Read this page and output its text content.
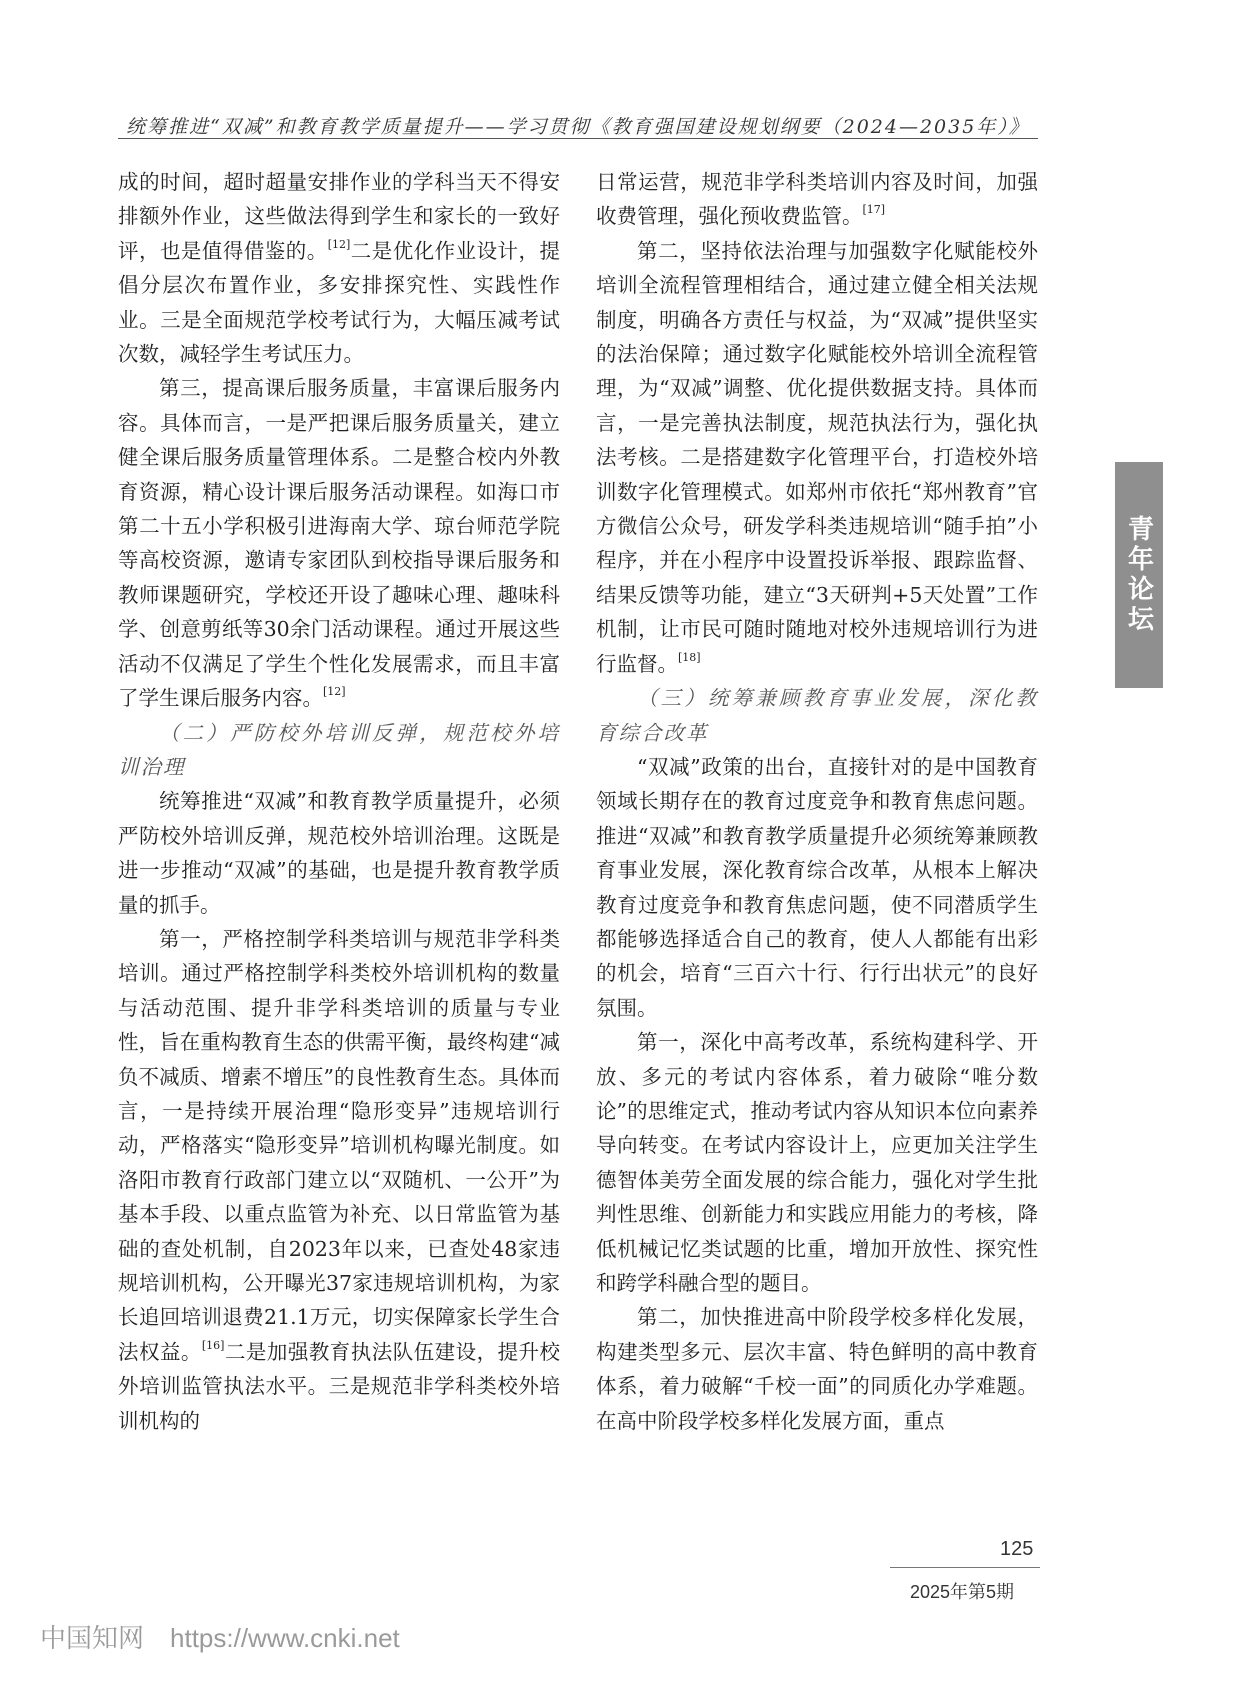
统筹推进“双减”和教育教学质量提升——学习贯彻《教育强国建设规划纲要（2024—2035年）》

成的时间，超时超量安排作业的学科当天不得安排额外作业，这些做法得到学生和家长的一致好评，也是值得借鉴的。[12]二是优化作业设计，提倡分层次布置作业，多安排探究性、实践性作业。三是全面规范学校考试行为，大幅压减考试次数，减轻学生考试压力。

第三，提高课后服务质量，丰富课后服务内容。具体而言，一是严把课后服务质量关，建立健全课后服务质量管理体系。二是整合校内外教育资源，精心设计课后服务活动课程。如海口市第二十五小学积极引进海南大学、琼台师范学院等高校资源，邀请专家团队到校指导课后服务和教师课题研究，学校还开设了趣味心理、趣味科学、创意剪纸等30余门活动课程。通过开展这些活动不仅满足了学生个性化发展需求，而且丰富了学生课后服务内容。[12]

（二）严防校外培训反弹，规范校外培训治理

统筹推进“双减”和教育教学质量提升，必须严防校外培训反弹，规范校外培训治理。这既是进一步推动“双减”的基础，也是提升教育教学质量的抓手。

第一，严格控制学科类培训与规范非学科类培训。通过严格控制学科类校外培训机构的数量与活动范围、提升非学科类培训的质量与专业性，旨在重构教育生态的供需平衡，最终构建“减负不减质、增素不增压”的良性教育生态。具体而言，一是持续开展治理“隐形变异”违规培训行动，严格落实“隐形变异”培训机构曝光制度。如洛阳市教育行政部门建立以“双随机、一公开”为基本手段、以重点监管为补充、以日常监管为基础的查处机制，自2023年以来，已查处48家违规培训机构，公开曝光37家违规培训机构，为家长追回培训退费21.1万元，切实保障家长学生合法权益。[16]二是加强教育执法队伍建设，提升校外培训监管执法水平。三是规范非学科类校外培训机构的

日常运营，规范非学科类培训内容及时间，加强收费管理，强化预收费监管。[17]

第二，坚持依法治理与加强数字化赋能校外培训全流程管理相结合，通过建立健全相关法规制度，明确各方责任与权益，为“双减”提供坚实的法治保障；通过数字化赋能校外培训全流程管理，为“双减”调整、优化提供数据支持。具体而言，一是完善执法制度，规范执法行为，强化执法考核。二是搭建数字化管理平台，打造校外培训数字化管理模式。如郑州市依托“郑州教育”官方微信公众号，研发学科类违规培训“随手拍”小程序，并在小程序中设置投诉举报、跟踪监督、结果反馈等功能，建立“3天研判+5天处置”工作机制，让市民可随时随地对校外违规培训行为进行监督。[18]

（三）统筹兼顾教育事业发展，深化教育综合改革

“双减”政策的出台，直接针对的是中国教育领域长期存在的教育过度竞争和教育焦虑问题。推进“双减”和教育教学质量提升必须统筹兼顾教育事业发展，深化教育综合改革，从根本上解决教育过度竞争和教育焦虑问题，使不同潜质学生都能够选择适合自己的教育，使人人都能有出彩的机会，培育“三百六十行、行行出状元”的良好氛围。

第一，深化中高考改革，系统构建科学、开放、多元的考试内容体系，着力破除“唯分数论”的思维定式，推动考试内容从知识本位向素养导向转变。在考试内容设计上，应更加关注学生德智体美劳全面发展的综合能力，强化对学生批判性思维、创新能力和实践应用能力的考核，降低机械记忆类试题的比重，增加开放性、探究性和跨学科融合型的题目。

第二，加快推进高中阶段学校多样化发展，构建类型多元、层次丰富、特色鲜明的高中教育体系，着力破解“千校一面”的同质化办学难题。在高中阶段学校多样化发展方面，重点

青年论坛
125
2025年第5期
中国知网 https://www.cnki.net
